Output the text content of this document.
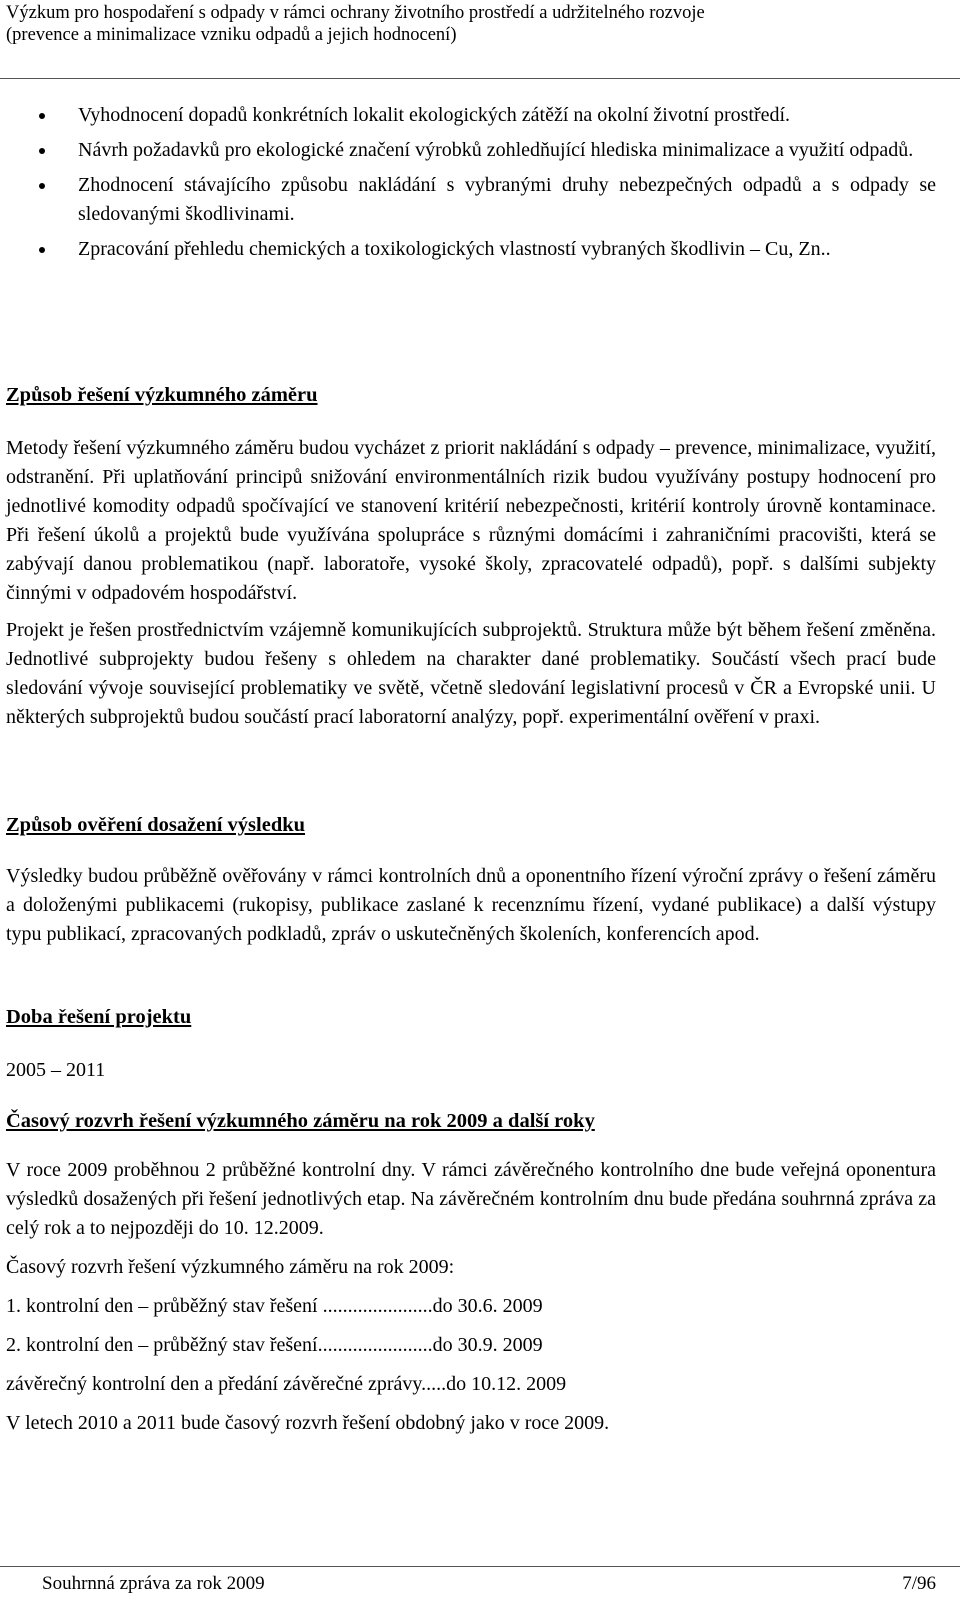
Výzkum pro hospodaření s odpady v rámci ochrany životního prostředí a udržitelného rozvoje
(prevence a minimalizace vzniku odpadů a jejich hodnocení)
Vyhodnocení dopadů konkrétních lokalit ekologických zátěží na okolní životní prostředí.
Návrh požadavků pro ekologické značení výrobků zohledňující hlediska minimalizace a využití odpadů.
Zhodnocení stávajícího způsobu nakládání s vybranými druhy nebezpečných odpadů a s odpady se sledovanými škodlivinami.
Zpracování přehledu chemických a toxikologických vlastností vybraných škodlivin – Cu, Zn..
Způsob řešení výzkumného záměru

Metody řešení výzkumného záměru budou vycházet z priorit nakládání s odpady – prevence, minimalizace, využití, odstranění. Při uplatňování principů snižování environmentálních rizik budou využívány postupy hodnocení pro jednotlivé komodity odpadů spočívající ve stanovení kritérií nebezpečnosti, kritérií kontroly úrovně kontaminace. Při řešení úkolů a projektů bude využívána spolupráce s různými domácími i zahraničními pracovišti, která se zabývají danou problematikou (např. laboratoře, vysoké školy, zpracovatelé odpadů), popř. s dalšími subjekty činnými v odpadovém hospodářství.

Projekt je řešen prostřednictvím vzájemně komunikujících subprojektů. Struktura může být během řešení změněna. Jednotlivé subprojekty budou řešeny s ohledem na charakter dané problematiky. Součástí všech prací bude sledování vývoje související problematiky ve světě, včetně sledování legislativní procesů v ČR a Evropské unii. U některých subprojektů budou součástí prací laboratorní analýzy, popř. experimentální ověření v praxi.

Způsob ověření dosažení výsledku

Výsledky budou průběžně ověřovány v rámci kontrolních dnů a oponentního řízení výroční zprávy o řešení záměru a doloženými publikacemi (rukopisy, publikace zaslané k recenznímu řízení, vydané publikace) a další výstupy typu publikací, zpracovaných podkladů, zpráv o uskutečněných školeních, konferencích apod.

Doba řešení projektu

2005 – 2011

Časový rozvrh řešení výzkumného záměru na rok 2009 a další roky

V roce 2009 proběhnou 2 průběžné kontrolní dny. V rámci závěrečného kontrolního dne bude veřejná oponentura výsledků dosažených při řešení jednotlivých etap. Na závěrečném kontrolním dnu bude předána souhrnná zpráva za celý rok a to nejpozději do 10. 12.2009.

Časový rozvrh řešení výzkumného záměru na rok 2009:

1. kontrolní den – průběžný stav řešení ......................do 30.6. 2009

2. kontrolní den – průběžný stav řešení.......................do 30.9. 2009

závěrečný kontrolní den a předání závěrečné zprávy.....do 10.12. 2009

V letech 2010 a 2011 bude časový rozvrh řešení obdobný jako v roce 2009.

Souhrnná zpráva za rok 2009	7/96
